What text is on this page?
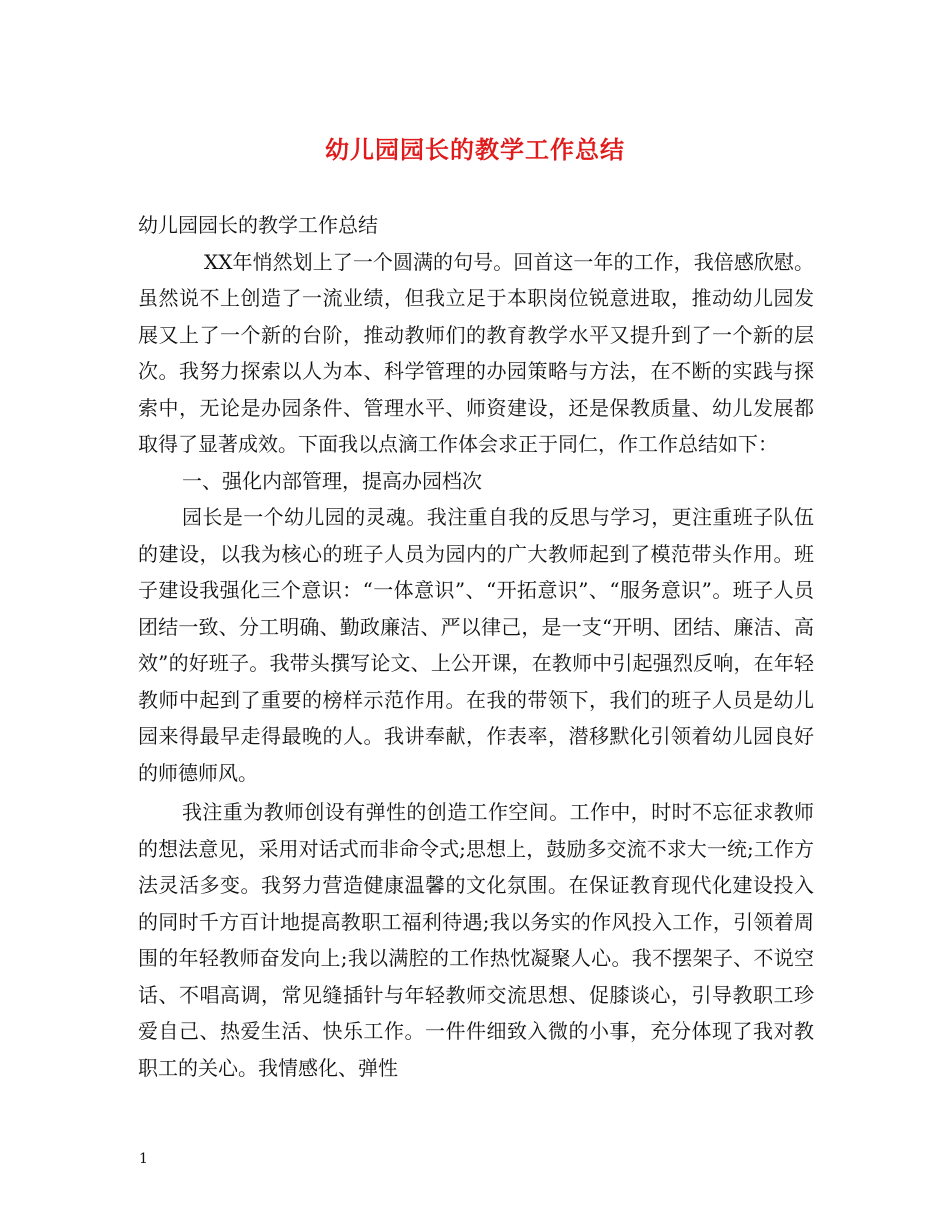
幼儿园园长的教学工作总结

幼儿园园长的教学工作总结

XX年悄然划上了一个圆满的句号。回首这一年的工作，我倍感欣慰。虽然说不上创造了一流业绩，但我立足于本职岗位锐意进取，推动幼儿园发展又上了一个新的台阶，推动教师们的教育教学水平又提升到了一个新的层次。我努力探索以人为本、科学管理的办园策略与方法，在不断的实践与探索中，无论是办园条件、管理水平、师资建设，还是保教质量、幼儿发展都取得了显著成效。下面我以点滴工作体会求正于同仁，作工作总结如下：

一、强化内部管理，提高办园档次

园长是一个幼儿园的灵魂。我注重自我的反思与学习，更注重班子队伍的建设，以我为核心的班子人员为园内的广大教师起到了模范带头作用。班子建设我强化三个意识：“一体意识”、“开拓意识”、“服务意识”。班子人员团结一致、分工明确、勤政廉洁、严以律己，是一支“开明、团结、廉洁、高效”的好班子。我带头撰写论文、上公开课，在教师中引起强烈反响，在年轻教师中起到了重要的榜样示范作用。在我的带领下，我们的班子人员是幼儿园来得最早走得最晚的人。我讲奉献，作表率，潜移默化引领着幼儿园良好的师德师风。

我注重为教师创设有弹性的创造工作空间。工作中，时时不忘征求教师的想法意见，采用对话式而非命令式;思想上，鼓励多交流不求大一统;工作方法灵活多变。我努力营造健康温馨的文化氛围。在保证教育现代化建设投入的同时千方百计地提高教职工福利待遇;我以务实的作风投入工作，引领着周围的年轻教师奋发向上;我以满腔的工作热忱凝聚人心。我不摆架子、不说空话、不唱高调，常见缝插针与年轻教师交流思想、促膝谈心，引导教职工珍爱自己、热爱生活、快乐工作。一件件细致入微的小事，充分体现了我对教职工的关心。我情感化、弹性

1
